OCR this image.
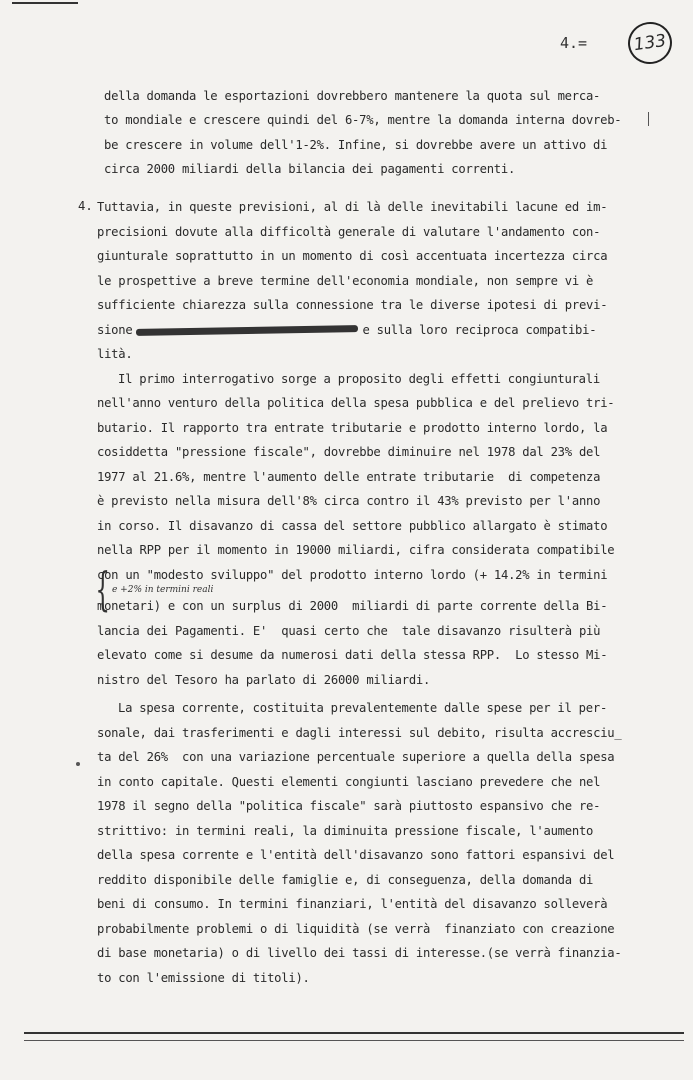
4.=	133
della domanda le esportazioni dovrebbero mantenere la quota sul merca-
to mondiale e crescere quindi del 6-7%, mentre la domanda interna dovreb-
be crescere in volume dell'1-2%. Infine, si dovrebbe avere un attivo di
circa 2000 miliardi della bilancia dei pagamenti correnti.
4. Tuttavia, in queste previsioni, al di là delle inevitabili lacune ed im-
precisioni dovute alla difficoltà generale di valutare l'andamento con-
giunturale soprattutto in un momento di così accentuata incertezza circa
le prospettive a breve termine dell'economia mondiale, non sempre vi è
sufficiente chiarezza sulla connessione tra le diverse ipotesi di previ-
sione	e sulla loro reciproca compatibi-
lità.
Il primo interrogativo sorge a proposito degli effetti congiunturali
nell'anno venturo della politica della spesa pubblica e del prelievo tri-
butario. Il rapporto tra entrate tributarie e prodotto interno lordo, la
cosiddetta "pressione fiscale", dovrebbe diminuire nel 1978 dal 23% del
1977 al 21.6%, mentre l'aumento delle entrate tributarie  di competenza
è previsto nella misura dell'8% circa contro il 43% previsto per l'anno
in corso. Il disavanzo di cassa del settore pubblico allargato è stimato
nella RPP per il momento in 19000 miliardi, cifra considerata compatibile
{
con un "modesto sviluppo" del prodotto interno lordo (+ 14.2% in termini
e +2% in termini reali
monetari) e con un surplus di 2000  miliardi di parte corrente della Bi-
lancia dei Pagamenti. E'  quasi certo che  tale disavanzo risulterà più
elevato come si desume da numerosi dati della stessa RPP.  Lo stesso Mi-
nistro del Tesoro ha parlato di 26000 miliardi.
La spesa corrente, costituita prevalentemente dalle spese per il per-
sonale, dai trasferimenti e dagli interessi sul debito, risulta accresciu_
ta del 26%  con una variazione percentuale superiore a quella della spesa
in conto capitale. Questi elementi congiunti lasciano prevedere che nel
1978 il segno della "politica fiscale" sarà piuttosto espansivo che re-
strittivo: in termini reali, la diminuita pressione fiscale, l'aumento
della spesa corrente e l'entità dell'disavanzo sono fattori espansivi del
reddito disponibile delle famiglie e, di conseguenza, della domanda di
beni di consumo. In termini finanziari, l'entità del disavanzo solleverà
probabilmente problemi o di liquidità (se verrà  finanziato con creazione
di base monetaria) o di livello dei tassi di interesse.(se verrà finanzia-
to con l'emissione di titoli).
